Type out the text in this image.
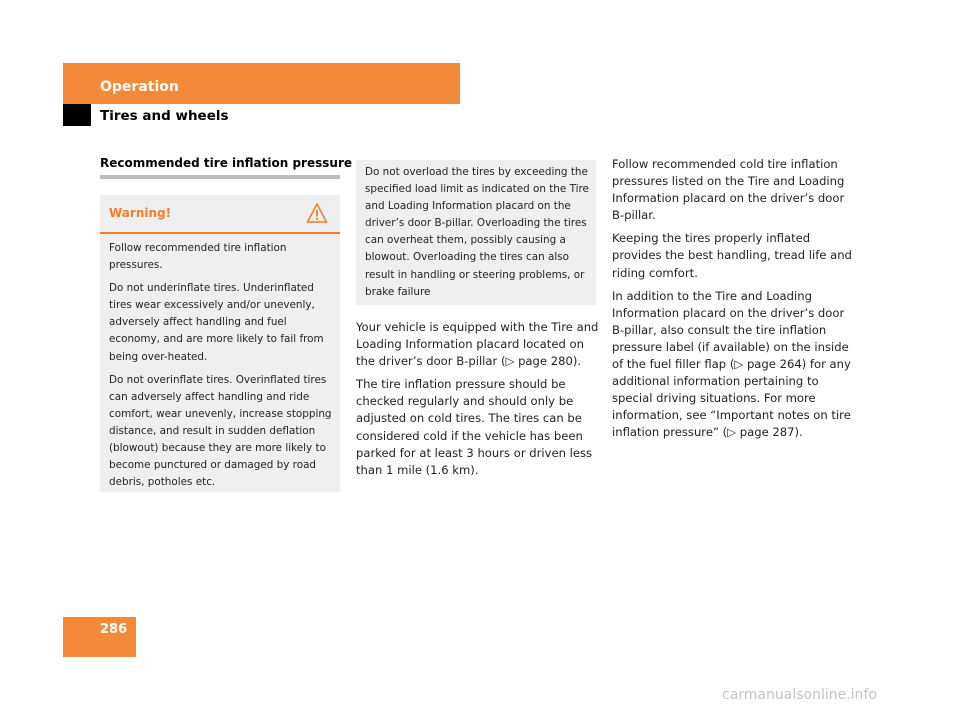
Operation
Tires and wheels
Recommended tire inflation pressure
Warning!

Follow recommended tire inflation pressures.

Do not underinflate tires. Underinflated tires wear excessively and/or unevenly, adversely affect handling and fuel economy, and are more likely to fail from being over-heated.

Do not overinflate tires. Overinflated tires can adversely affect handling and ride comfort, wear unevenly, increase stopping distance, and result in sudden deflation (blowout) because they are more likely to become punctured or damaged by road debris, potholes etc.

Do not overload the tires by exceeding the specified load limit as indicated on the Tire and Loading Information placard on the driver’s door B-pillar. Overloading the tires can overheat them, possibly causing a blowout. Overloading the tires can also result in handling or steering problems, or brake failure

Your vehicle is equipped with the Tire and Loading Information placard located on the driver’s door B-pillar (▷ page 280).

The tire inflation pressure should be checked regularly and should only be adjusted on cold tires. The tires can be considered cold if the vehicle has been parked for at least 3 hours or driven less than 1 mile (1.6 km).

Follow recommended cold tire inflation pressures listed on the Tire and Loading Information placard on the driver’s door B-pillar.

Keeping the tires properly inflated provides the best handling, tread life and riding comfort.

In addition to the Tire and Loading Information placard on the driver’s door B-pillar, also consult the tire inflation pressure label (if available) on the inside of the fuel filler flap (▷ page 264) for any additional information pertaining to special driving situations. For more information, see “Important notes on tire inflation pressure” (▷ page 287).

286
carmanualsonline.info
